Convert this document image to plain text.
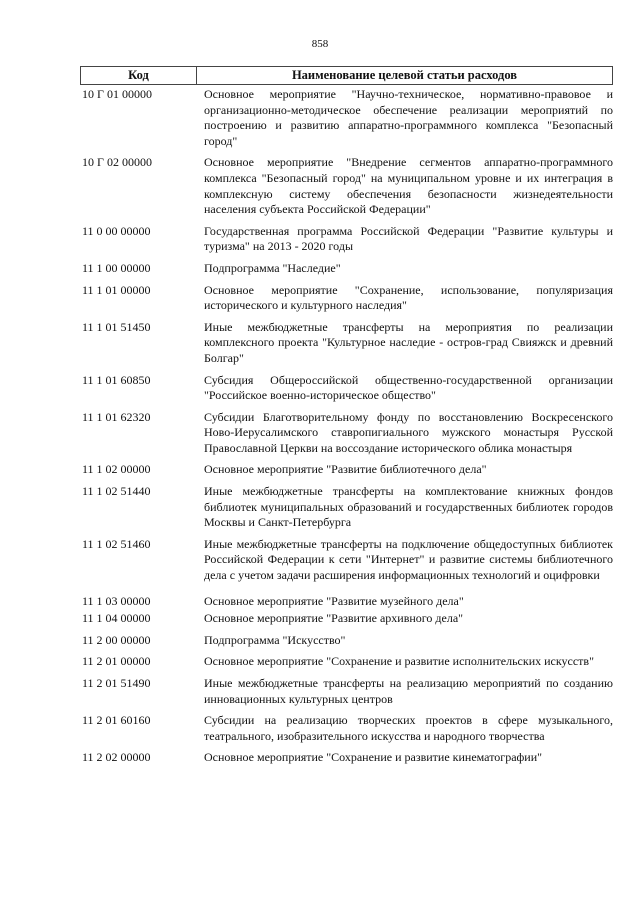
858
Код	Наименование целевой статьи расходов
10 Г 01 00000	Основное мероприятие "Научно-техническое, нормативно-правовое и организационно-методическое обеспечение реализации мероприятий по построению и развитию аппаратно-программного комплекса "Безопасный город"
10 Г 02 00000	Основное мероприятие "Внедрение сегментов аппаратно-программного комплекса "Безопасный город" на муниципальном уровне и их интеграция в комплексную систему обеспечения безопасности жизнедеятельности населения субъекта Российской Федерации"
11 0 00 00000	Государственная программа Российской Федерации "Развитие культуры и туризма" на 2013 - 2020 годы
11 1 00 00000	Подпрограмма "Наследие"
11 1 01 00000	Основное мероприятие "Сохранение, использование, популяризация исторического и культурного наследия"
11 1 01 51450	Иные межбюджетные трансферты на мероприятия по реализации комплексного проекта "Культурное наследие - остров-град Свияжск и древний Болгар"
11 1 01 60850	Субсидия Общероссийской общественно-государственной организации "Российское военно-историческое общество"
11 1 01 62320	Субсидии Благотворительному фонду по восстановлению Воскресенского Ново-Иерусалимского ставропигиального мужского монастыря Русской Православной Церкви на воссоздание исторического облика монастыря
11 1 02 00000	Основное мероприятие "Развитие библиотечного дела"
11 1 02 51440	Иные межбюджетные трансферты на комплектование книжных фондов библиотек муниципальных образований и государственных библиотек городов Москвы и Санкт-Петербурга
11 1 02 51460	Иные межбюджетные трансферты на подключение общедоступных библиотек Российской Федерации к сети "Интернет" и развитие системы библиотечного дела с учетом задачи расширения информационных технологий и оцифровки
11 1 03 00000	Основное мероприятие "Развитие музейного дела"
11 1 04 00000	Основное мероприятие "Развитие архивного дела"
11 2 00 00000	Подпрограмма "Искусство"
11 2 01 00000	Основное мероприятие "Сохранение и развитие исполнительских искусств"
11 2 01 51490	Иные межбюджетные трансферты на реализацию мероприятий по созданию инновационных культурных центров
11 2 01 60160	Субсидии на реализацию творческих проектов в сфере музыкального, театрального, изобразительного искусства и народного творчества
11 2 02 00000	Основное мероприятие "Сохранение и развитие кинематографии"
